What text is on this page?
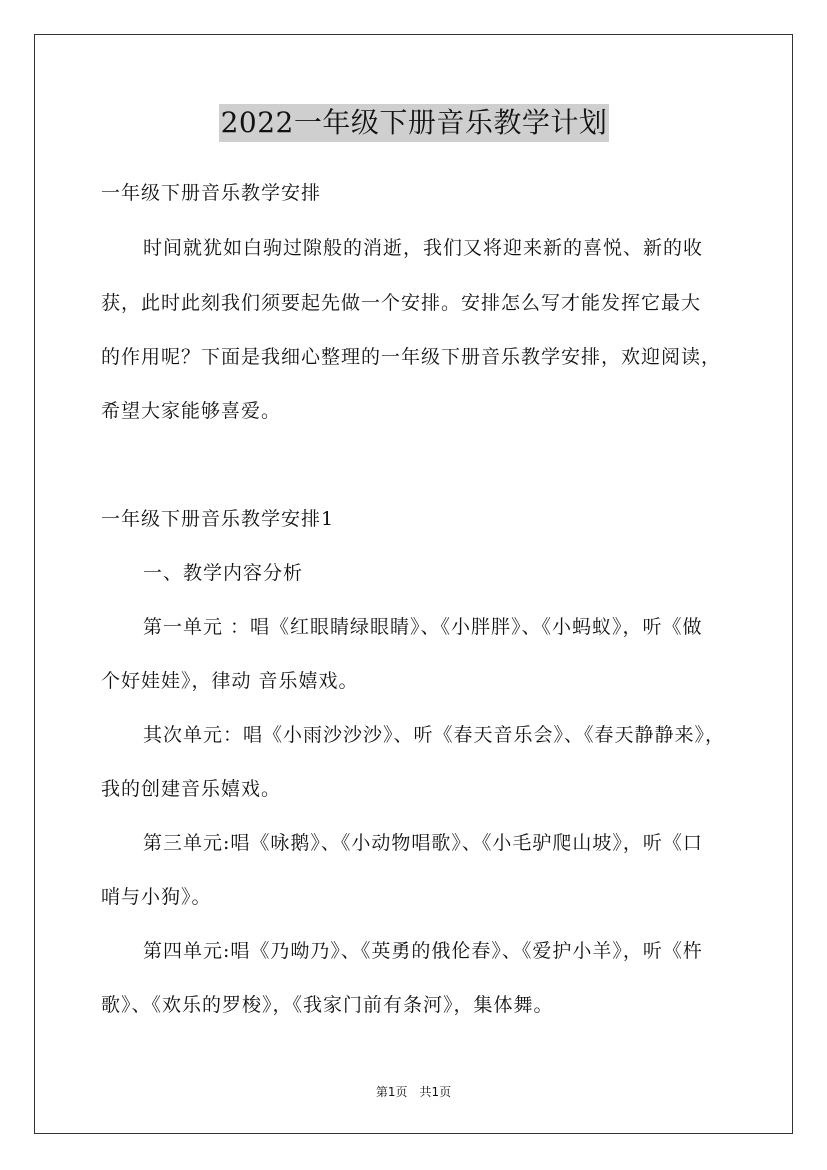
2022一年级下册音乐教学计划
一年级下册音乐教学安排
时间就犹如白驹过隙般的消逝，我们又将迎来新的喜悦、新的收
获，此时此刻我们须要起先做一个安排。安排怎么写才能发挥它最大
的作用呢？下面是我细心整理的一年级下册音乐教学安排，欢迎阅读，
希望大家能够喜爱。
一年级下册音乐教学安排1
一、教学内容分析
第一单元 ：唱《红眼睛绿眼睛》、《小胖胖》、《小蚂蚁》，听《做
个好娃娃》，律动 音乐嬉戏。
其次单元：唱《小雨沙沙沙》、听《春天音乐会》、《春天静静来》，
我的创建音乐嬉戏。
第三单元:唱《咏鹅》、《小动物唱歌》、《小毛驴爬山坡》，听《口
哨与小狗》。
第四单元:唱《乃呦乃》、《英勇的俄伦春》、《爱护小羊》，听《杵
歌》、《欢乐的罗梭》，《我家门前有条河》，集体舞。
第1页　共1页
